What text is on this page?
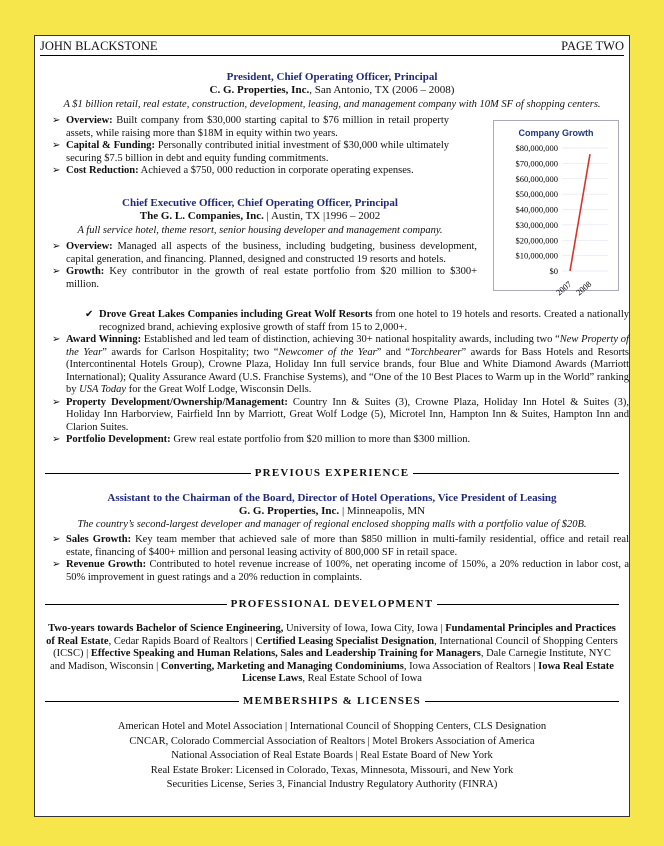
JOHN BLACKSTONE	PAGE TWO
President, Chief Operating Officer, Principal
C. G. Properties, Inc., San Antonio, TX (2006 – 2008)
A $1 billion retail, real estate, construction, development, leasing, and management company with 10M SF of shopping centers.
➢ Overview: Built company from $30,000 starting capital to $76 million in retail property assets, while raising more than $18M in equity within two years.
➢ Capital & Funding: Personally contributed initial investment of $30,000 while ultimately securing $7.5 billion in debt and equity funding commitments.
➢ Cost Reduction: Achieved a $750, 000 reduction in corporate operating expenses.
Chief Executive Officer, Chief Operating Officer, Principal
The G. L. Companies, Inc. | Austin, TX |1996 – 2002
A full service hotel, theme resort, senior housing developer and management company.
➢ Overview: Managed all aspects of the business, including budgeting, business development, capital generation, and financing. Planned, designed and constructed 19 resorts and hotels.
➢ Growth: Key contributor in the growth of real estate portfolio from $20 million to $300+ million.
✔ Drove Great Lakes Companies including Great Wolf Resorts from one hotel to 19 hotels and resorts. Created a nationally recognized brand, achieving explosive growth of staff from 15 to 2,000+.
➢ Award Winning: Established and led team of distinction, achieving 30+ national hospitality awards, including two “New Property of the Year” awards for Carlson Hospitality; two “Newcomer of the Year” and “Torchbearer” awards for Bass Hotels and Resorts (Intercontinental Hotels Group), Crowne Plaza, Holiday Inn full service brands, four Blue and White Diamond Awards (Marriott International); Quality Assurance Award (U.S. Franchise Systems), and “One of the 10 Best Places to Warm up in the World” ranking by USA Today for the Great Wolf Lodge, Wisconsin Dells.
➢ Property Development/Ownership/Management: Country Inn & Suites (3), Crowne Plaza, Holiday Inn Hotel & Suites (3), Holiday Inn Harborview, Fairfield Inn by Marriott, Great Wolf Lodge (5), Microtel Inn, Hampton Inn & Suites, Hampton Inn and Clarion Suites.
➢ Portfolio Development: Grew real estate portfolio from $20 million to more than $300 million.
Company Growth
$0
$10,000,000
$20,000,000
$30,000,000
$40,000,000
$50,000,000
$60,000,000
$70,000,000
$80,000,000
2007 2008
PREVIOUS EXPERIENCE
Assistant to the Chairman of the Board, Director of Hotel Operations, Vice President of Leasing
G. G. Properties, Inc. | Minneapolis, MN
The country’s second-largest developer and manager of regional enclosed shopping malls with a portfolio value of $20B.
➢ Sales Growth: Key team member that achieved sale of more than $850 million in multi-family residential, office and retail real estate, financing of $400+ million and personal leasing activity of 800,000 SF in retail space.
➢ Revenue Growth: Contributed to hotel revenue increase of 100%, net operating income of 150%, a 20% reduction in labor cost, a 50% improvement in guest ratings and a 20% reduction in complaints.
PROFESSIONAL DEVELOPMENT
Two-years towards Bachelor of Science Engineering, University of Iowa, Iowa City, Iowa | Fundamental Principles and Practices of Real Estate, Cedar Rapids Board of Realtors | Certified Leasing Specialist Designation, International Council of Shopping Centers (ICSC) | Effective Speaking and Human Relations, Sales and Leadership Training for Managers, Dale Carnegie Institute, NYC and Madison, Wisconsin | Converting, Marketing and Managing Condominiums, Iowa Association of Realtors | Iowa Real Estate License Laws, Real Estate School of Iowa
MEMBERSHIPS & LICENSES
American Hotel and Motel Association | International Council of Shopping Centers, CLS Designation
CNCAR, Colorado Commercial Association of Realtors | Motel Brokers Association of America
National Association of Real Estate Boards | Real Estate Board of New York
Real Estate Broker: Licensed in Colorado, Texas, Minnesota, Missouri, and New York
Securities License, Series 3, Financial Industry Regulatory Authority (FINRA)
